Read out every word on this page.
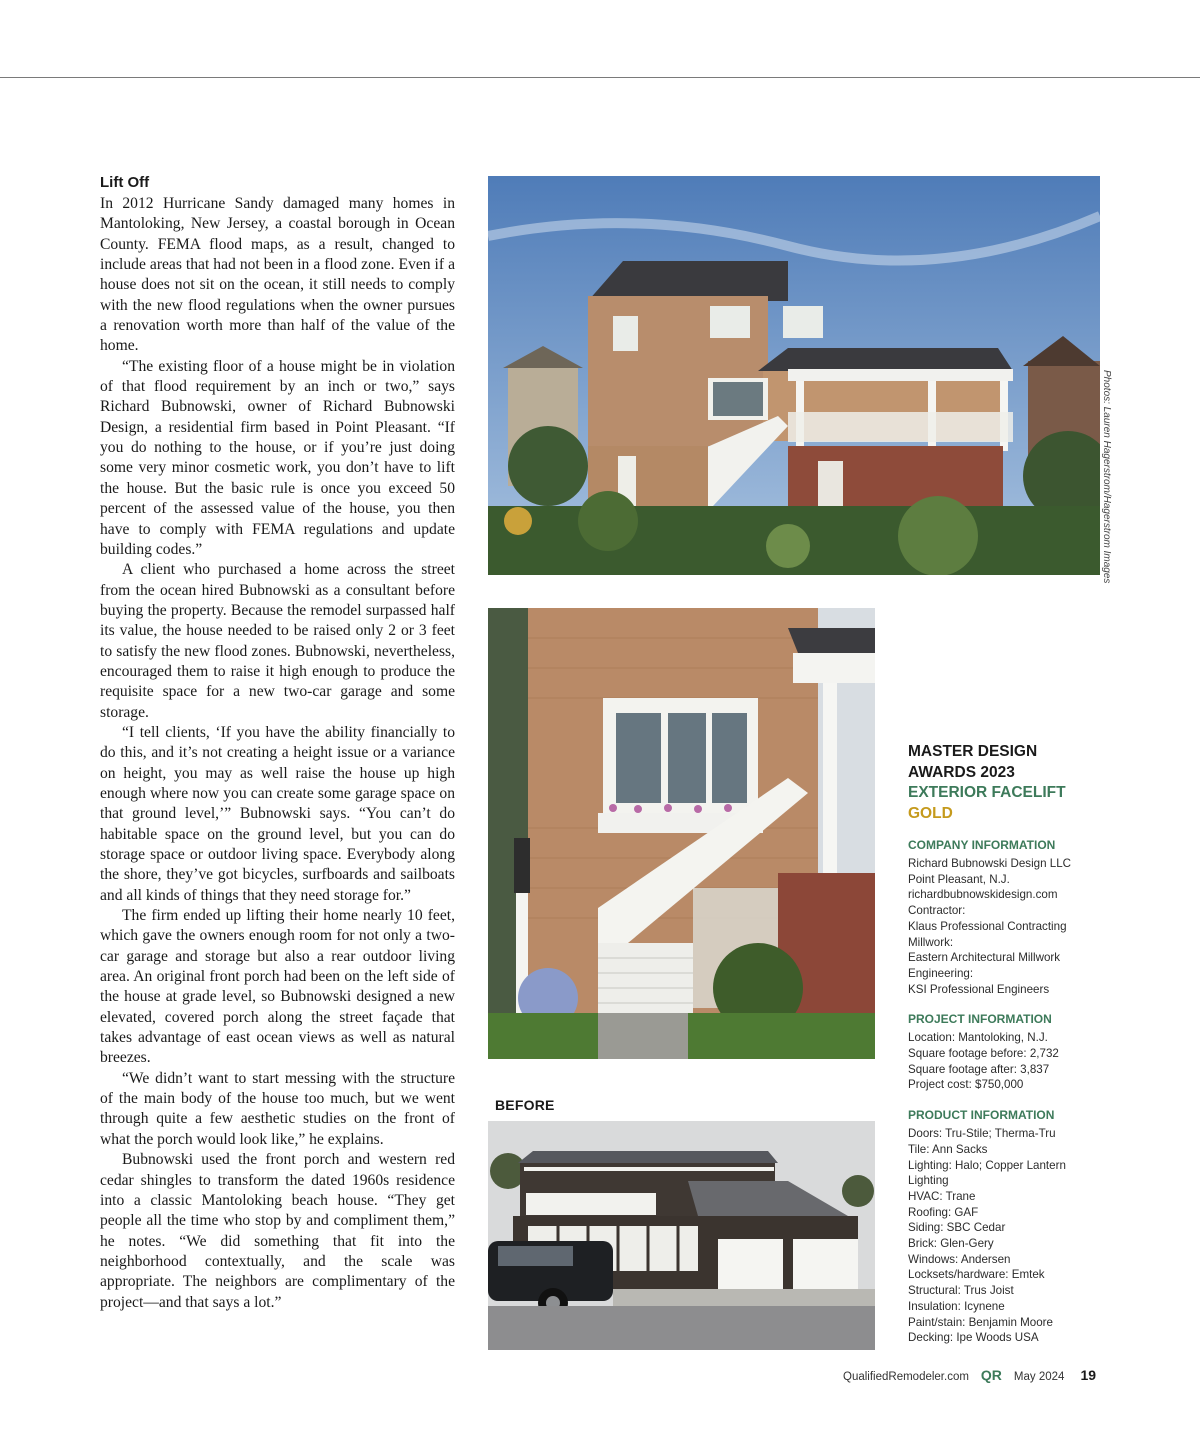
Lift Off

In 2012 Hurricane Sandy damaged many homes in Mantoloking, New Jersey, a coastal borough in Ocean County. FEMA flood maps, as a result, changed to include areas that had not been in a flood zone. Even if a house does not sit on the ocean, it still needs to comply with the new flood regulations when the owner pursues a renovation worth more than half of the value of the home.

“The existing floor of a house might be in violation of that flood requirement by an inch or two,” says Richard Bubnowski, owner of Richard Bubnowski Design, a residential firm based in Point Pleasant. “If you do nothing to the house, or if you’re just doing some very minor cosmetic work, you don’t have to lift the house. But the basic rule is once you exceed 50 percent of the assessed value of the house, you then have to comply with FEMA regulations and update building codes.”

A client who purchased a home across the street from the ocean hired Bubnowski as a consultant before buying the property. Because the remodel surpassed half its value, the house needed to be raised only 2 or 3 feet to satisfy the new flood zones. Bubnowski, nevertheless, encouraged them to raise it high enough to produce the requisite space for a new two-car garage and some storage.

“I tell clients, ‘If you have the ability financially to do this, and it’s not creating a height issue or a variance on height, you may as well raise the house up high enough where now you can create some garage space on that ground level,’” Bubnowski says. “You can’t do habitable space on the ground level, but you can do storage space or outdoor living space. Everybody along the shore, they’ve got bicycles, surfboards and sailboats and all kinds of things that they need storage for.”

The firm ended up lifting their home nearly 10 feet, which gave the owners enough room for not only a two-car garage and storage but also a rear outdoor living area. An original front porch had been on the left side of the house at grade level, so Bubnowski designed a new elevated, covered porch along the street façade that takes advantage of east ocean views as well as natural breezes.

“We didn’t want to start messing with the structure of the main body of the house too much, but we went through quite a few aesthetic studies on the front of what the porch would look like,” he explains.

Bubnowski used the front porch and western red cedar shingles to transform the dated 1960s residence into a classic Mantoloking beach house. “They get people all the time who stop by and compliment them,” he notes. “We did something that fit into the neighborhood contextually, and the scale was appropriate. The neighbors are complimentary of the project—and that says a lot.”

Photos: Lauren Hagerstrom/Hagerstrom Images
BEFORE
MASTER DESIGN
AWARDS 2023
EXTERIOR FACELIFT
GOLD
COMPANY INFORMATION
Richard Bubnowski Design LLC
Point Pleasant, N.J.
richardbubnowskidesign.com
Contractor:
Klaus Professional Contracting
Millwork:
Eastern Architectural Millwork
Engineering:
KSI Professional Engineers
PROJECT INFORMATION
Location: Mantoloking, N.J.
Square footage before: 2,732
Square footage after: 3,837
Project cost: $750,000
PRODUCT INFORMATION
Doors: Tru-Stile; Therma-Tru
Tile: Ann Sacks
Lighting: Halo; Copper Lantern
Lighting
HVAC: Trane
Roofing: GAF
Siding: SBC Cedar
Brick: Glen-Gery
Windows: Andersen
Locksets/hardware: Emtek
Structural: Trus Joist
Insulation: Icynene
Paint/stain: Benjamin Moore
Decking: Ipe Woods USA
QualifiedRemodeler.com QR May 2024 19
